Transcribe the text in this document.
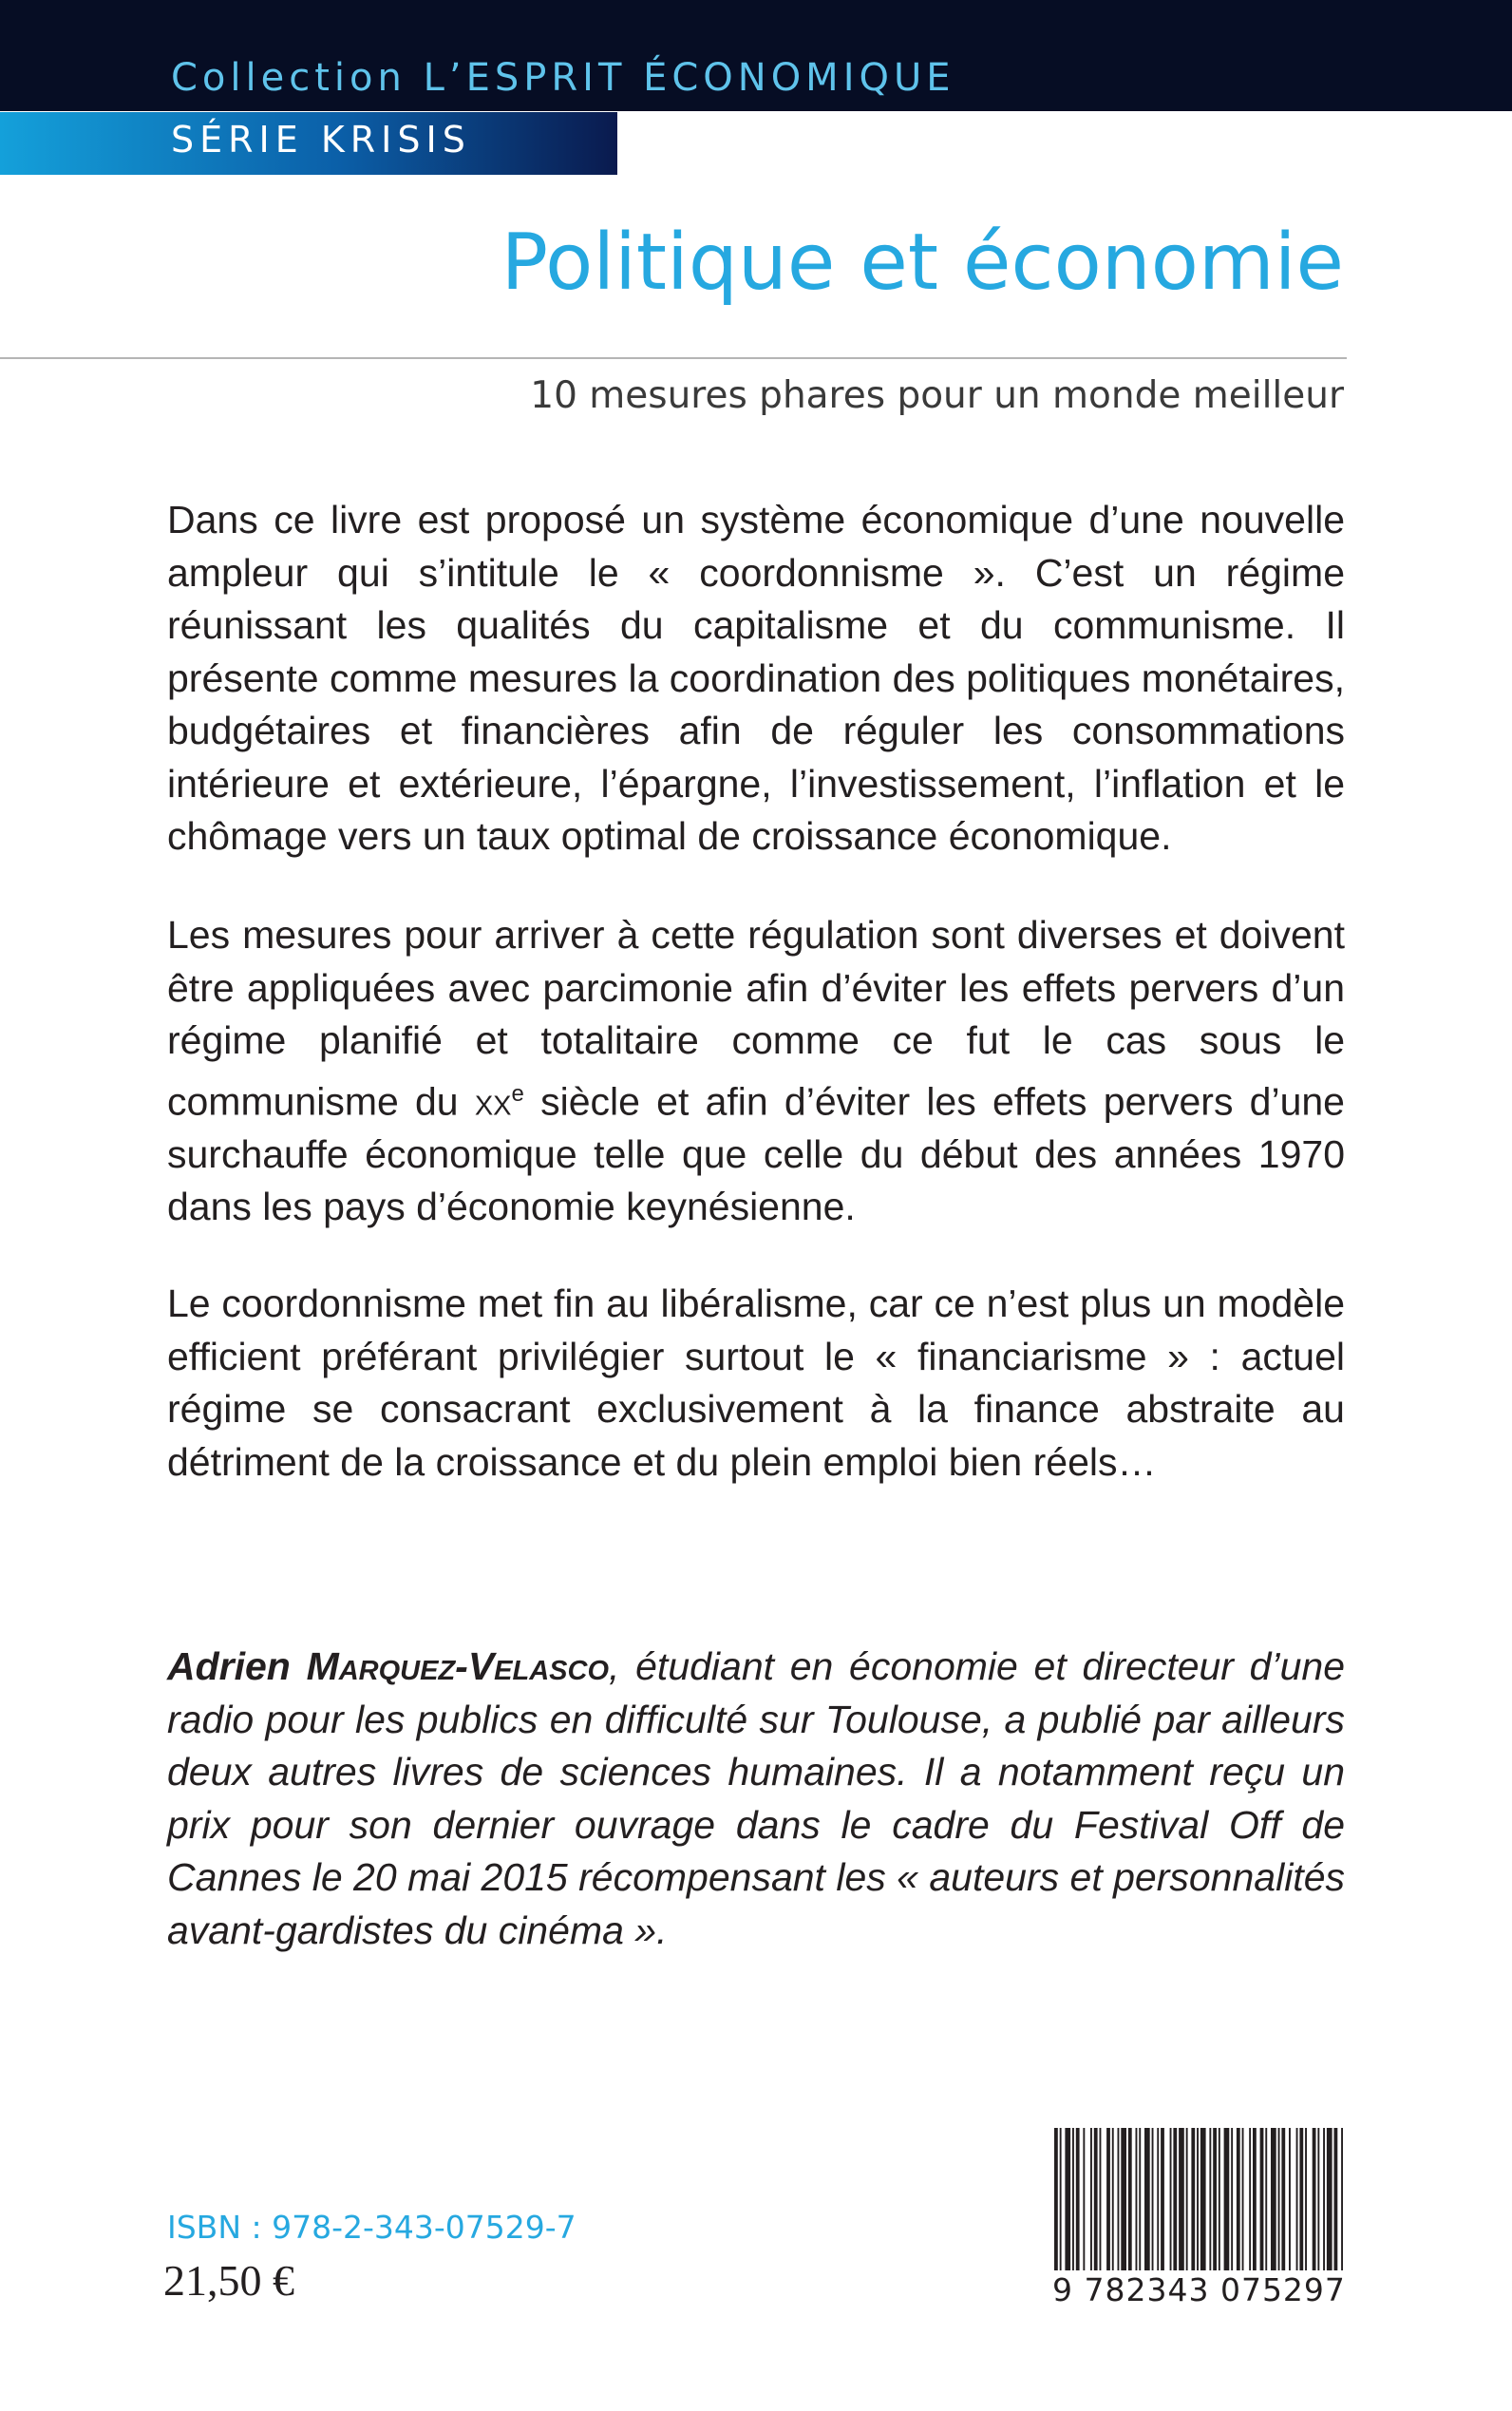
Collection L’ESPRIT ÉCONOMIQUE
SÉRIE KRISIS
Politique et économie
10 mesures phares pour un monde meilleur

Dans ce livre est proposé un système économique d’une nouvelle ampleur qui s’intitule le « coordonnisme ». C’est un régime réunissant les qualités du capitalisme et du communisme. Il présente comme mesures la coordination des politiques monétaires, budgétaires et financières afin de réguler les consommations intérieure et extérieure, l’épargne, l’investissement, l’inflation et le chômage vers un taux optimal de croissance économique.

Les mesures pour arriver à cette régulation sont diverses et doivent être appliquées avec parcimonie afin d’éviter les effets pervers d’un régime planifié et totalitaire comme ce fut le cas sous le communisme du $xx^e$ siècle et afin d’éviter les effets pervers d’une surchauffe économique telle que celle du début des années 1970 dans les pays d’économie keynésienne.

Le coordonnisme met fin au libéralisme, car ce n’est plus un modèle efficient préférant privilégier surtout le « financiarisme » : actuel régime se consacrant exclusivement à la finance abstraite au détriment de la croissance et du plein emploi bien réels…

Adrien Marquez-Velasco, étudiant en économie et directeur d’une radio pour les publics en difficulté sur Toulouse, a publié par ailleurs deux autres livres de sciences humaines. Il a notamment reçu un prix pour son dernier ouvrage dans le cadre du Festival Off de Cannes le 20 mai 2015 récompensant les « auteurs et personnalités avant-gardistes du cinéma ».

ISBN : 978-2-343-07529-7
21,50 €	9 782343 075297
